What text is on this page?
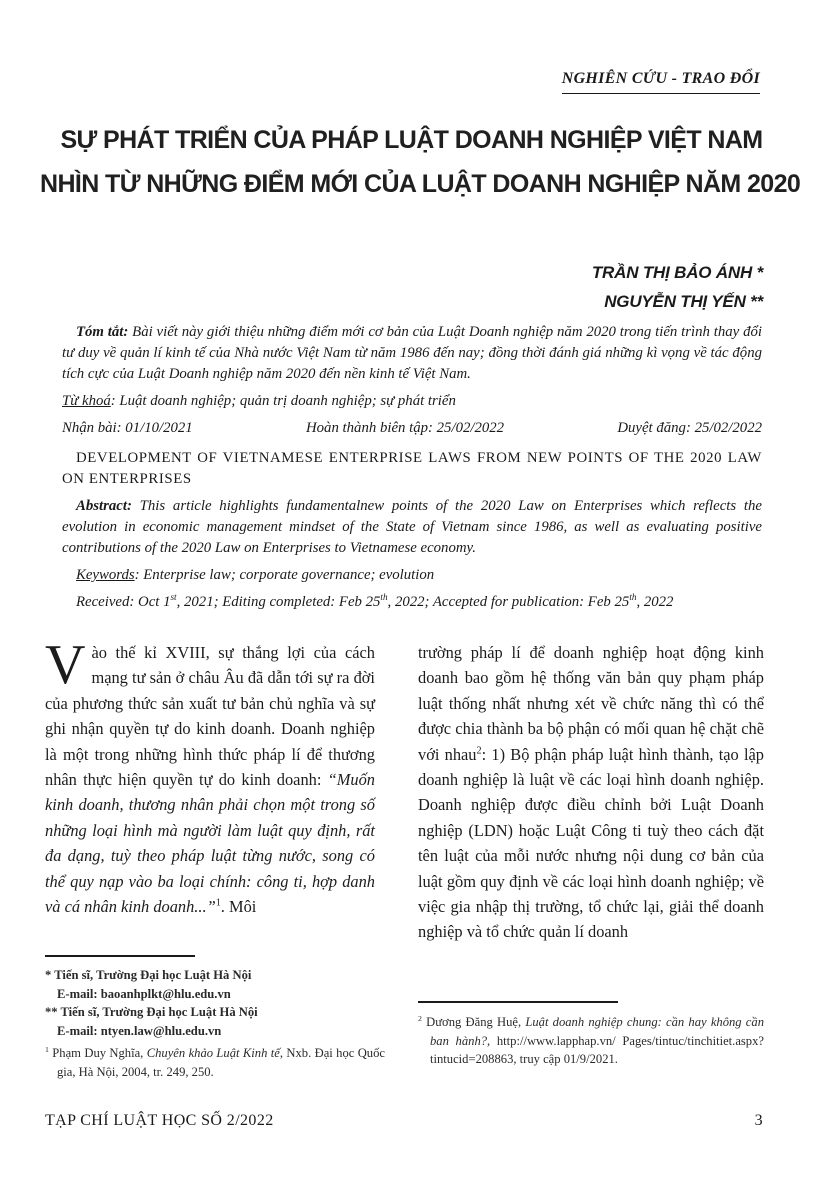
NGHIÊN CỨU - TRAO ĐỔI
SỰ PHÁT TRIỂN CỦA PHÁP LUẬT DOANH NGHIỆP VIỆT NAM
NHÌN TỪ NHỮNG ĐIỂM MỚI CỦA LUẬT DOANH NGHIỆP NĂM 2020
TRẦN THỊ BẢO ÁNH *
NGUYỄN THỊ YẾN **

Tóm tắt: Bài viết này giới thiệu những điểm mới cơ bản của Luật Doanh nghiệp năm 2020 trong tiến trình thay đổi tư duy về quản lí kinh tế của Nhà nước Việt Nam từ năm 1986 đến nay; đồng thời đánh giá những kì vọng về tác động tích cực của Luật Doanh nghiệp năm 2020 đến nền kinh tế Việt Nam.

Từ khoá: Luật doanh nghiệp; quản trị doanh nghiệp; sự phát triển

Nhận bài: 01/10/2021	Hoàn thành biên tập: 25/02/2022	Duyệt đăng: 25/02/2022

DEVELOPMENT OF VIETNAMESE ENTERPRISE LAWS FROM NEW POINTS OF THE 2020 LAW ON ENTERPRISES

Abstract: This article highlights fundamentalnew points of the 2020 Law on Enterprises which reflects the evolution in economic management mindset of the State of Vietnam since 1986, as well as evaluating positive contributions of the 2020 Law on Enterprises to Vietnamese economy.

Keywords: Enterprise law; corporate governance; evolution

Received: Oct 1st, 2021; Editing completed: Feb 25th, 2022; Accepted for publication: Feb 25th, 2022

Vào thế kỉ XVIII, sự thắng lợi của cách mạng tư sản ở châu Âu đã dẫn tới sự ra đời của phương thức sản xuất tư bản chủ nghĩa và sự ghi nhận quyền tự do kinh doanh. Doanh nghiệp là một trong những hình thức pháp lí để thương nhân thực hiện quyền tự do kinh doanh: “Muốn kinh doanh, thương nhân phải chọn một trong số những loại hình mà người làm luật quy định, rất đa dạng, tuỳ theo pháp luật từng nước, song có thể quy nạp vào ba loại chính: công ti, hợp danh và cá nhân kinh doanh...”$^1$. Môi
trường pháp lí để doanh nghiệp hoạt động kinh doanh bao gồm hệ thống văn bản quy phạm pháp luật thống nhất nhưng xét về chức năng thì có thể được chia thành ba bộ phận có mối quan hệ chặt chẽ với nhau$^2$: 1) Bộ phận pháp luật hình thành, tạo lập doanh nghiệp là luật về các loại hình doanh nghiệp. Doanh nghiệp được điều chỉnh bởi Luật Doanh nghiệp (LDN) hoặc Luật Công ti tuỳ theo cách đặt tên luật của mỗi nước nhưng nội dung cơ bản của luật gồm quy định về các loại hình doanh nghiệp; về việc gia nhập thị trường, tổ chức lại, giải thể doanh nghiệp và tổ chức quản lí doanh
* Tiến sĩ, Trường Đại học Luật Hà Nội
E-mail: baoanhplkt@hlu.edu.vn
** Tiến sĩ, Trường Đại học Luật Hà Nội
E-mail: ntyen.law@hlu.edu.vn
$^1$ Phạm Duy Nghĩa, Chuyên khảo Luật Kinh tế, Nxb. Đại học Quốc gia, Hà Nội, 2004, tr. 249, 250.
$^2$ Dương Đăng Huệ, Luật doanh nghiệp chung: cần hay không cần ban hành?, http://www.lapphap.vn/ Pages/tintuc/tinchitiet.aspx?tintucid=208863, truy cập 01/9/2021.
TẠP CHÍ LUẬT HỌC SỐ 2/2022	3
